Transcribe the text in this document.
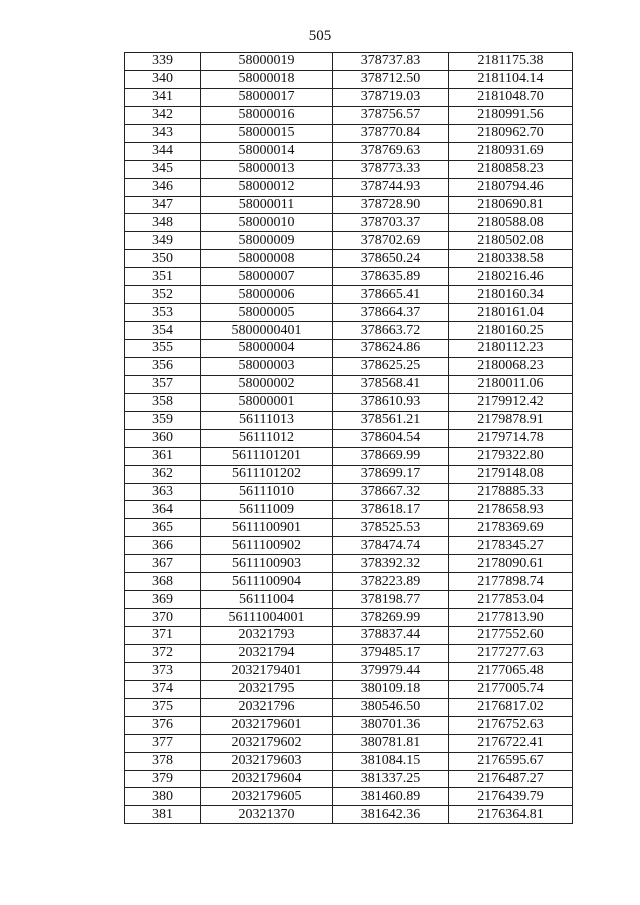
505
339	58000019	378737.83	2181175.38
340	58000018	378712.50	2181104.14
341	58000017	378719.03	2181048.70
342	58000016	378756.57	2180991.56
343	58000015	378770.84	2180962.70
344	58000014	378769.63	2180931.69
345	58000013	378773.33	2180858.23
346	58000012	378744.93	2180794.46
347	58000011	378728.90	2180690.81
348	58000010	378703.37	2180588.08
349	58000009	378702.69	2180502.08
350	58000008	378650.24	2180338.58
351	58000007	378635.89	2180216.46
352	58000006	378665.41	2180160.34
353	58000005	378664.37	2180161.04
354	5800000401	378663.72	2180160.25
355	58000004	378624.86	2180112.23
356	58000003	378625.25	2180068.23
357	58000002	378568.41	2180011.06
358	58000001	378610.93	2179912.42
359	56111013	378561.21	2179878.91
360	56111012	378604.54	2179714.78
361	5611101201	378669.99	2179322.80
362	5611101202	378699.17	2179148.08
363	56111010	378667.32	2178885.33
364	56111009	378618.17	2178658.93
365	5611100901	378525.53	2178369.69
366	5611100902	378474.74	2178345.27
367	5611100903	378392.32	2178090.61
368	5611100904	378223.89	2177898.74
369	56111004	378198.77	2177853.04
370	56111004001	378269.99	2177813.90
371	20321793	378837.44	2177552.60
372	20321794	379485.17	2177277.63
373	2032179401	379979.44	2177065.48
374	20321795	380109.18	2177005.74
375	20321796	380546.50	2176817.02
376	2032179601	380701.36	2176752.63
377	2032179602	380781.81	2176722.41
378	2032179603	381084.15	2176595.67
379	2032179604	381337.25	2176487.27
380	2032179605	381460.89	2176439.79
381	20321370	381642.36	2176364.81
